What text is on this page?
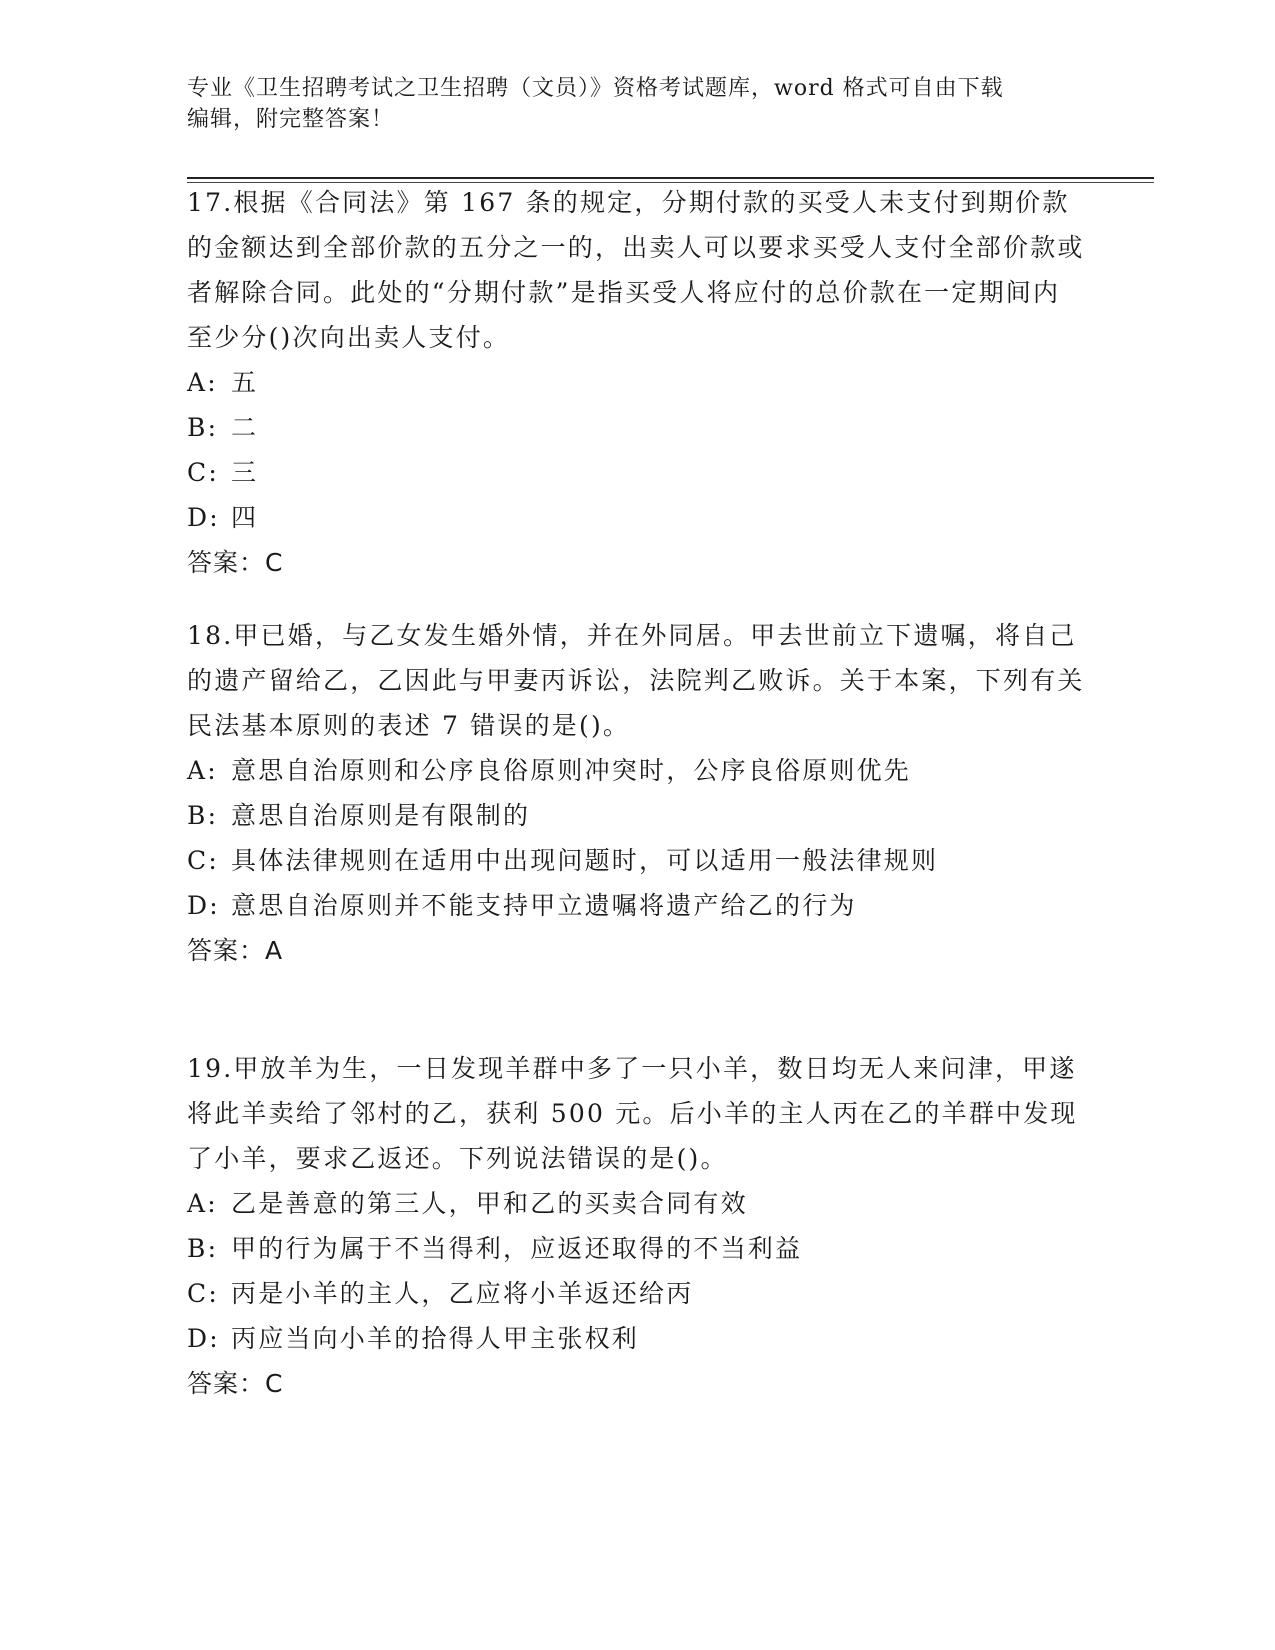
专业《卫生招聘考试之卫生招聘（文员）》资格考试题库，word 格式可自由下载
编辑，附完整答案！

17.根据《合同法》第 167 条的规定，分期付款的买受人未支付到期价款的金额达到全部价款的五分之一的，出卖人可以要求买受人支付全部价款或者解除合同。此处的“分期付款”是指买受人将应付的总价款在一定期间内至少分()次向出卖人支付。

A: 五

B: 二

C: 三

D: 四

答案：C

18.甲已婚，与乙女发生婚外情，并在外同居。甲去世前立下遗嘱，将自己的遗产留给乙，乙因此与甲妻丙诉讼，法院判乙败诉。关于本案，下列有关民法基本原则的表述 7 错误的是()。

A: 意思自治原则和公序良俗原则冲突时，公序良俗原则优先

B: 意思自治原则是有限制的

C: 具体法律规则在适用中出现问题时，可以适用一般法律规则

D: 意思自治原则并不能支持甲立遗嘱将遗产给乙的行为

答案：A

19.甲放羊为生，一日发现羊群中多了一只小羊，数日均无人来问津，甲遂将此羊卖给了邻村的乙，获利 500 元。后小羊的主人丙在乙的羊群中发现了小羊，要求乙返还。下列说法错误的是()。

A: 乙是善意的第三人，甲和乙的买卖合同有效

B: 甲的行为属于不当得利，应返还取得的不当利益

C: 丙是小羊的主人，乙应将小羊返还给丙

D: 丙应当向小羊的拾得人甲主张权利

答案：C
